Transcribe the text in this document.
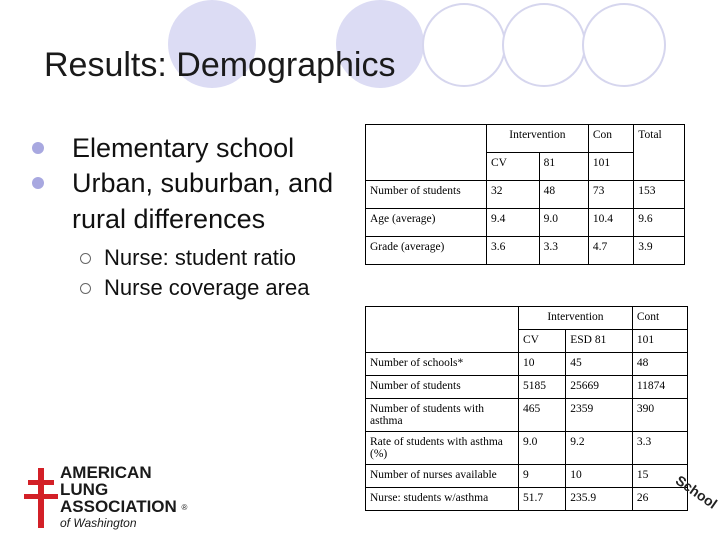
Results: Demographics
Elementary school
Urban, suburban, and rural differences
Nurse: student ratio
Nurse coverage area
	Intervention		Con	Total
	CV	81	101	
Number of students	32	48	73	153
Age (average)	9.4	9.0	10.4	9.6
Grade (average)	3.6	3.3	4.7	3.9
	Intervention		Cont
	CV	ESD 81	101
Number of schools*	10	45	48
Number of students	5185	25669	11874
Number of students with asthma	465	2359	390
Rate of students with asthma (%)	9.0	9.2	3.3
Number of nurses available	9	10	15
Nurse: students w/asthma	51.7	235.9	26
AMERICAN
LUNG
ASSOCIATION ®
of Washington
School
